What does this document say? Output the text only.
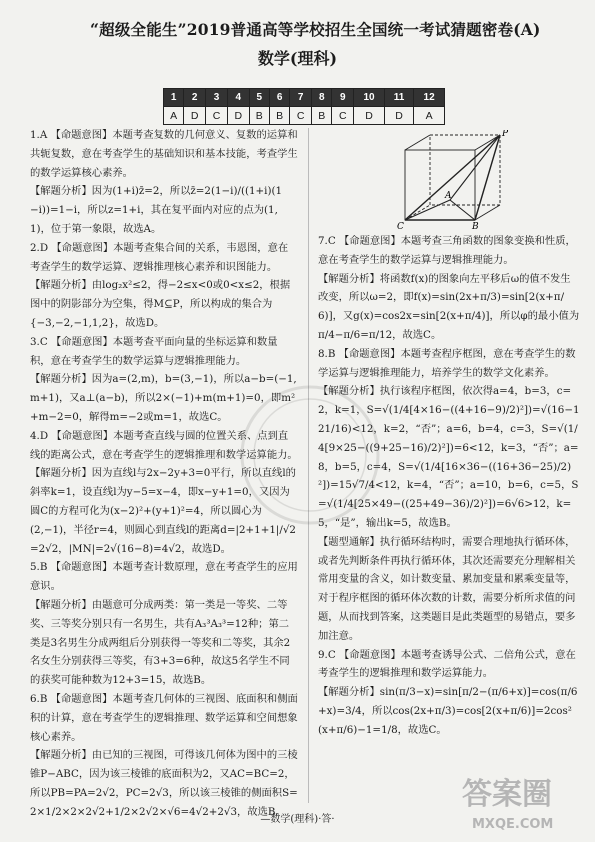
“超级全能生”2019普通高等学校招生全国统一考试猜题密卷(A)
数学(理科)
1	2	3	4	5	6	7	8	9	10	11	12
A	D	C	D	B	B	C	B	C	D	D	A
1.A 【命题意图】本题考查复数的几何意义、复数的运算和共轭复数，意在考查学生的基础知识和基本技能，考查学生的数学运算核心素养。
【解题分析】因为(1+i)z̄=2，所以z̄=2(1−i)/((1+i)(1−i))=1−i，所以z=1+i，其在复平面内对应的点为(1,1)，位于第一象限，故选A。
2.D 【命题意图】本题考查集合间的关系，韦恩图，意在考查学生的数学运算、逻辑推理核心素养和识图能力。
【解题分析】由log₂x²≤2，得−2≤x<0或0<x≤2，根据图中的阴影部分为空集，得M⊆P，所以构成的集合为{−3,−2,−1,1,2}，故选D。
3.C 【命题意图】本题考查平面向量的坐标运算和数量积，意在考查学生的数学运算与逻辑推理能力。
【解题分析】因为a=(2,m)，b=(3,−1)，所以a−b=(−1,m+1)，又a⊥(a−b)，所以2×(−1)+m(m+1)=0，即m²+m−2=0，解得m=−2或m=1，故选C。
4.D 【命题意图】本题考查直线与圆的位置关系、点到直线的距离公式，意在考查学生的逻辑推理和数学运算能力。
【解题分析】因为直线l与2x−2y+3=0平行，所以直线l的斜率k=1，设直线l为y−5=x−4，即x−y+1=0，又因为圆C的方程可化为(x−2)²+(y+1)²=4，所以圆心为(2,−1)，半径r=4，则圆心到直线l的距离d=|2+1+1|/√2=2√2，|MN|=2√(16−8)=4√2，故选D。
5.B 【命题意图】本题考查计数原理，意在考查学生的应用意识。
【解题分析】由题意可分成两类：第一类是一等奖、二等奖、三等奖分别只有一名男生，共有A₃³A₃³=12种；第二类是3名男生分成两组后分别获得一等奖和二等奖，其余2名女生分别获得三等奖，有3+3=6种，故这5名学生不同的获奖可能种数为12+3=15，故选B。
6.B 【命题意图】本题考查几何体的三视图、底面积和侧面积的计算，意在考查学生的逻辑推理、数学运算和空间想象核心素养。
【解题分析】由已知的三视图，可得该几何体为图中的三棱锥P−ABC，因为该三棱锥的底面积为2，又AC=BC=2，所以PB=PA=2√2，PC=2√3，所以该三棱锥的侧面积S=2×1/2×2×2√2+1/2×2√2×√6=4√2+2√3，故选B。
P
A
C	B
7.C 【命题意图】本题考查三角函数的图象变换和性质，意在考查学生的数学运算与逻辑推理能力。
【解题分析】将函数f(x)的图象向左平移后ω的值不发生改变，所以ω=2，即f(x)=sin(2x+π/3)=sin[2(x+π/6)]，又g(x)=cos2x=sin[2(x+π/4)]，所以φ的最小值为π/4−π/6=π/12，故选C。
8.B 【命题意图】本题考查程序框图，意在考查学生的数学运算与逻辑推理能力，培养学生的数学文化素养。
【解题分析】执行该程序框图，依次得a=4，b=3，c=2，k=1，S=√(1/4[4×16−((4+16−9)/2)²])=√(16−121/16)<12，k=2，“否”；a=6，b=4，c=3，S=√(1/4[9×25−((9+25−16)/2)²])=6<12，k=3，“否”；a=8，b=5，c=4，S=√(1/4[16×36−((16+36−25)/2)²])=15√7/4<12，k=4，“否”；a=10，b=6，c=5，S=√(1/4[25×49−((25+49−36)/2)²])=6√6>12，k=5，“是”，输出k=5，故选B。
【题型通解】执行循环结构时，需要合理地执行循环体，或者先判断条件再执行循环体，其次还需要充分理解相关常用变量的含义，如计数变量、累加变量和累乘变量等，对于程序框图的循环体次数的计数，需要分析所求值的问题，从而找到答案，这类题目是此类题型的易错点，要多加注意。
9.C 【命题意图】本题考查诱导公式、二倍角公式，意在考查学生的逻辑推理和数学运算能力。
【解题分析】sin(π/3−x)=sin[π/2−(π/6+x)]=cos(π/6+x)=3/4，所以cos(2x+π/3)=cos[2(x+π/6)]=2cos²(x+π/6)−1=1/8，故选C。
答案圈
MXQE.COM
—数学(理科)·答·
